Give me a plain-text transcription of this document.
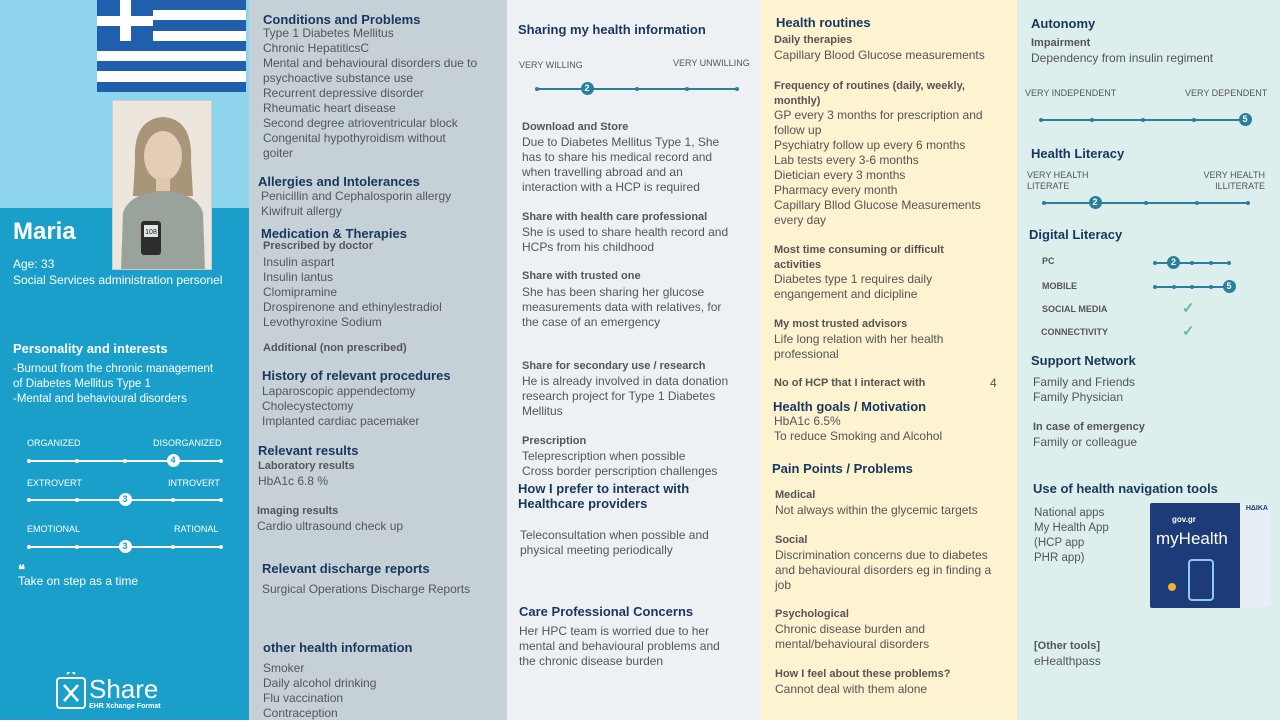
108
Maria
Age: 33
Social Services administration personel
Personality and interests
-Burnout from the chronic management
of Diabetes Mellitus Type 1
-Mental and behavioural disorders
ORGANIZED	DISORGANIZED
4
EXTROVERT	INTROVERT
3
EMOTIONAL	RATIONAL
3
❝
Take on step as a time
Share
EHR Xchange Format
Conditions and Problems
Type 1 Diabetes Mellitus
Chronic HepatiticsC
Mental and behavioural disorders due to
psychoactive substance use
Recurrent depressive disorder
Rheumatic heart disease
Second degree atrioventricular block
Congenital hypothyroidism without
goiter
Allergies and Intolerances
Penicillin and Cephalosporin allergy
Kiwifruit allergy
Medication & Therapies
Prescribed by doctor
Insulin aspart
Insulin lantus
Clomipramine
Drospirenone and ethinylestradiol
Levothyroxine Sodium
Additional (non prescribed)
History of relevant procedures
Laparoscopic appendectomy
Cholecystectomy
Implanted cardiac pacemaker
Relevant results
Laboratory results
HbA1c 6.8 %
Imaging results
Cardio ultrasound check up
Relevant discharge reports
Surgical Operations Discharge Reports
other health information
Smoker
Daily alcohol drinking
Flu vaccination
Contraception
Sharing my health information
VERY WILLING	VERY UNWILLING
2
Download and Store
Due to Diabetes Mellitus Type 1, She
has to share his medical record and
when travelling abroad and an
interaction with a HCP is required
Share with health care professional
She is used to share health record and
HCPs from his childhood
Share with trusted one
She has been sharing her glucose
measurements data with relatives, for
the case of an emergency
Share for secondary use / research
He is already involved in data donation
research project for Type 1 Diabetes
Mellitus
Prescription
Teleprescription when possible
Cross border perscription challenges
How I prefer to interact with
Healthcare providers
Teleconsultation when possible and
physical meeting periodically
Care Professional Concerns
Her HPC team is worried due to her
mental and behavioural problems and
the chronic disease burden
Health routines
Daily therapies
Capillary Blood Glucose measurements
Frequency of routines (daily, weekly,
monthly)
GP every 3 months for prescription and
follow up
Psychiatry follow up every 6 months
Lab tests every 3-6 months
Dietician every 3 months
Pharmacy every month
Capillary Bllod Glucose Measurements
every day
Most time consuming or difficult
activities
Diabetes type 1 requires daily
engangement and dicipline
My most trusted advisors
Life long relation with her health
professional
No of HCP that I interact with	4
Health goals / Motivation
HbA1c 6.5%
To reduce Smoking and Alcohol
Pain Points / Problems
Medical
Not always within the glycemic targets
Social
Discrimination concerns due to diabetes
and behavioural disorders eg in finding a
job
Psychological
Chronic disease burden and
mental/behavioural disorders
How I feel about these problems?
Cannot deal with them alone
Autonomy
Impairment
Dependency from insulin regiment
VERY INDEPENDENT	VERY DEPENDENT
5
Health Literacy
VERY HEALTH
LITERATE
VERY HEALTH
ILLITERATE
2
Digital Literacy
PC	2
MOBILE	5
SOCIAL MEDIA	✓
CONNECTIVITY	✓
Support Network
Family and Friends
Family Physician
In case of emergency
Family or colleague
Use of health navigation tools
National apps
My Health App
(HCP app
PHR app)
ΗΔΙΚΑ
gov.gr
myHealth
[Other tools]
eHealthpass
